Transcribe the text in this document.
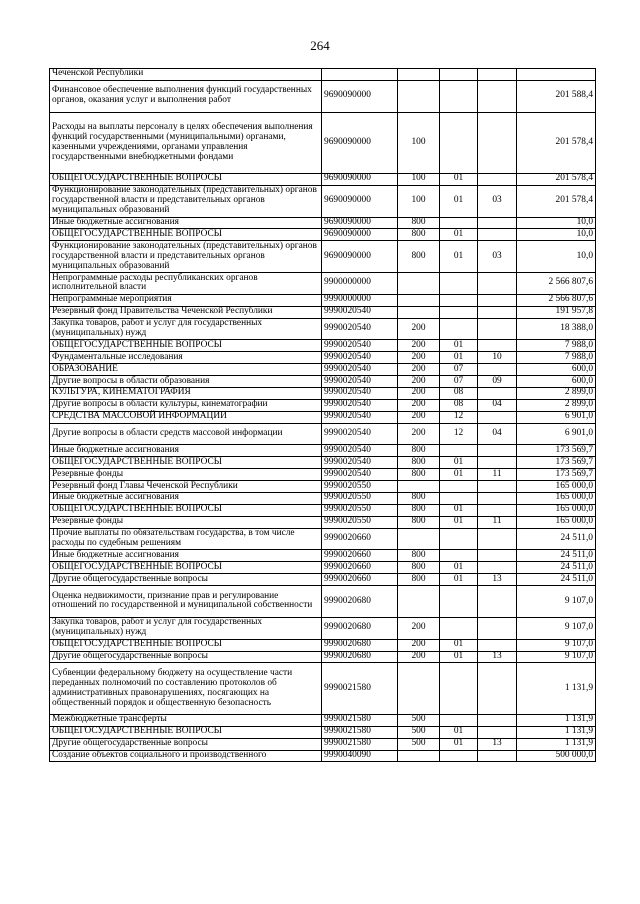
264
Чеченской Республики					
Финансовое обеспечение выполнения функций государственных органов, оказания услуг и выполнения работ	9690090000				201 588,4
Расходы на выплаты персоналу в целях обеспечения выполнения функций государственными (муниципальными) органами, казенными учреждениями, органами управления государственными внебюджетными фондами	9690090000	100			201 578,4
ОБЩЕГОСУДАРСТВЕННЫЕ ВОПРОСЫ	9690090000	100	01		201 578,4
Функционирование законодательных (представительных) органов государственной власти и представительных органов муниципальных образований	9690090000	100	01	03	201 578,4
Иные бюджетные ассигнования	9690090000	800			10,0
ОБЩЕГОСУДАРСТВЕННЫЕ ВОПРОСЫ	9690090000	800	01		10,0
Функционирование законодательных (представительных) органов государственной власти и представительных органов муниципальных образований	9690090000	800	01	03	10,0
Непрограммные расходы республиканских органов исполнительной власти	9900000000				2 566 807,6
Непрограммные мероприятия	9990000000				2 566 807,6
Резервный фонд Правительства Чеченской Республики	9990020540				191 957,8
Закупка товаров, работ и услуг для государственных (муниципальных) нужд	9990020540	200			18 388,0
ОБЩЕГОСУДАРСТВЕННЫЕ ВОПРОСЫ	9990020540	200	01		7 988,0
Фундаментальные исследования	9990020540	200	01	10	7 988,0
ОБРАЗОВАНИЕ	9990020540	200	07		600,0
Другие вопросы в области образования	9990020540	200	07	09	600,0
КУЛЬТУРА, КИНЕМАТОГРАФИЯ	9990020540	200	08		2 899,0
Другие вопросы в области культуры, кинематографии	9990020540	200	08	04	2 899,0
СРЕДСТВА МАССОВОЙ ИНФОРМАЦИИ	9990020540	200	12		6 901,0
Другие вопросы в области средств массовой информации	9990020540	200	12	04	6 901,0
Иные бюджетные ассигнования	9990020540	800			173 569,7
ОБЩЕГОСУДАРСТВЕННЫЕ ВОПРОСЫ	9990020540	800	01		173 569,7
Резервные фонды	9990020540	800	01	11	173 569,7
Резервный фонд Главы Чеченской Республики	9990020550				165 000,0
Иные бюджетные ассигнования	9990020550	800			165 000,0
ОБЩЕГОСУДАРСТВЕННЫЕ ВОПРОСЫ	9990020550	800	01		165 000,0
Резервные фонды	9990020550	800	01	11	165 000,0
Прочие выплаты по обязательствам государства, в том числе расходы по судебным решениям	9990020660				24 511,0
Иные бюджетные ассигнования	9990020660	800			24 511,0
ОБЩЕГОСУДАРСТВЕННЫЕ ВОПРОСЫ	9990020660	800	01		24 511,0
Другие общегосударственные вопросы	9990020660	800	01	13	24 511,0
Оценка недвижимости, признание прав и регулирование отношений по государственной и муниципальной собственности	9990020680				9 107,0
Закупка товаров, работ и услуг для государственных (муниципальных) нужд	9990020680	200			9 107,0
ОБЩЕГОСУДАРСТВЕННЫЕ ВОПРОСЫ	9990020680	200	01		9 107,0
Другие общегосударственные вопросы	9990020680	200	01	13	9 107,0
Субвенции федеральному бюджету на осуществление части переданных полномочий по составлению протоколов об административных правонарушениях, посягающих на общественный порядок и общественную безопасность	9990021580				1 131,9
Межбюджетные трансферты	9990021580	500			1 131,9
ОБЩЕГОСУДАРСТВЕННЫЕ ВОПРОСЫ	9990021580	500	01		1 131,9
Другие общегосударственные вопросы	9990021580	500	01	13	1 131,9
Создание объектов социального и производственного	9990040090				500 000,0
